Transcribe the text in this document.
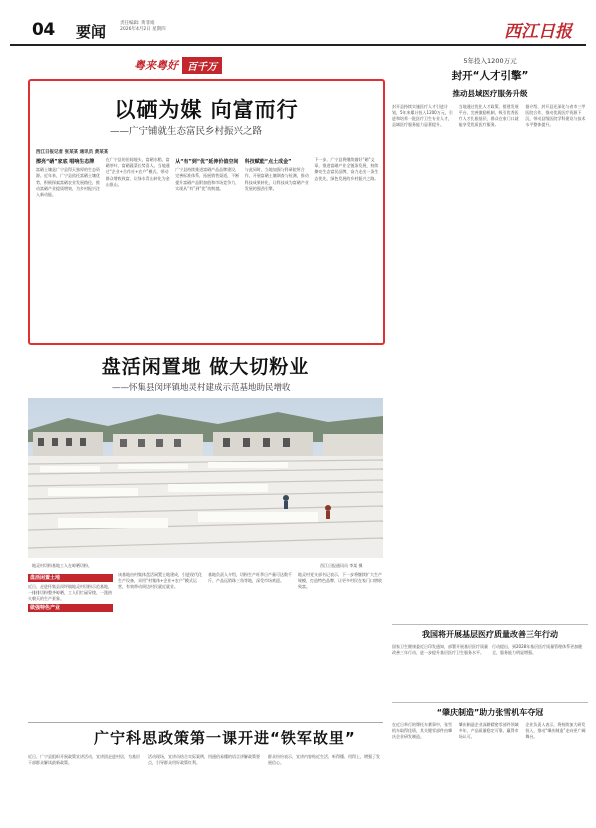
04 要闻	责任编辑: 黄菲娟
2026年4月2日 星期四	西江日报
粤来粤好 百千万
以硒为媒 向富而行
——广宁铺就生态富民乡村振兴之路
西江日报记者 张某某 通讯员 黄某某
擦亮“硒”家底 唱响生态牌

富硒土壤是广宁县得天独厚的生态资源。近年来，广宁县依托富硒土壤优势，积极探索富硒农业发展路径，推动富硒产业提质增效，为乡村振兴注入新动能。

在广宁县的田间地头，富硒水稻、富硒茶叶、富硒蔬菜长势喜人。当地通过“企业+合作社+农户”模式，带动群众增收致富，让绿水青山转化为金山银山。

从“有”到“优”延伸价值空间

广宁县持续推进富硒产品品牌建设，完善标准体系，拓展销售渠道，不断提升富硒产品附加值和市场竞争力，实现从“有”到“优”的跨越。

科技赋能“点土成金”

与此同时，当地加强与科研院所合作，开展富硒土壤调查与检测，推动科技成果转化，让科技成为富硒产业发展的强劲引擎。

下一步，广宁县将继续做好“硒”文章，推进富硒产业全链条发展，持续擦亮生态富民品牌，奋力走出一条生态优先、绿色发展的乡村振兴之路。

盘活闲置地 做大切粉业
——怀集县闵坪镇地灵村建成示范基地助民增收
地灵村切粉基地工人在晾晒切粉。	西江日报通讯员 李某 摄
盘活闲置土地

近日，走进怀集县闵坪镇地灵村切粉示范基地，一排排切粉整齐晾晒，工人们忙碌穿梭，一派热火朝天的生产景象。

做强特色产业

该基地由村集体盘活闲置土地建成，引进现代化生产设备，采用“村集体+企业+农户”模式运营，有效带动周边村民就近就业。

基地负责人介绍，切粉生产旺季日产量可达数千斤，产品远销珠三角等地，深受市场欢迎。

地灵村党支部书记表示，下一步将继续扩大生产规模，打造特色品牌，让更多村民在家门口增收致富。

广宁科思政策第一课开进“铁军故里”

近日，广宁县组织开展政策宣讲活动，宣讲团走进村居，为基层干部群众解读最新政策。

活动现场，宣讲员结合实际案例，用通俗易懂的语言讲解政策要点，引导群众用好政策红利。

群众纷纷表示，宣讲内容贴近生活，听得懂、用得上，增强了发展信心。

5年投入1200万元
封开“人才引擎”
推动县域医疗服务升级

封开县持续实施医疗人才引进计划，5年来累计投入1200万元，引进和培养一批医疗卫生专业人才，县域医疗服务能力显著提升。

当地通过优化人才政策、搭建发展平台、完善激励机制，吸引优秀医疗人才扎根基层，群众在家门口就能享受优质医疗服务。

据介绍，封开县还深化与省市三甲医院合作，推动优质医疗资源下沉，带动县级医院学科建设与技术水平整体提升。

我国将开展基层医疗质量改善三年行动

国家卫生健康委近日印发通知，部署开展基层医疗质量改善三年行动，进一步提升基层医疗卫生服务水平。

行动提出，到2028年基层医疗质量管理体系更加健全，服务能力明显增强。

“肇庆制造”助力张雪机车夺冠

在近日举行的摩托车赛事中，张雪机车取得佳绩，其关键零部件由肇庆企业研发制造。

肇庆制造企业深耕精密零部件领域多年，产品质量稳定可靠，赢得市场认可。

企业负责人表示，将持续加大研发投入，推动“肇庆制造”走向更广阔舞台。
